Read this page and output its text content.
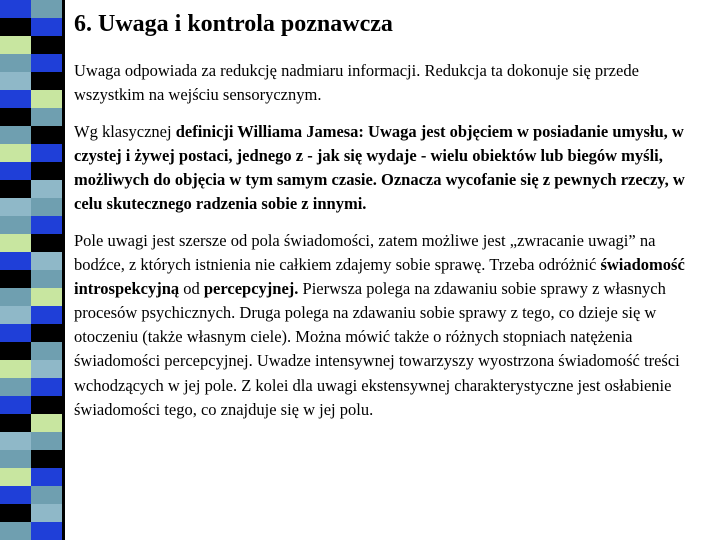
6. Uwaga i kontrola poznawcza

Uwaga odpowiada za redukcję nadmiaru informacji. Redukcja ta dokonuje się przede wszystkim na wejściu sensorycznym.

Wg klasycznej definicji Williama Jamesa: Uwaga jest objęciem w posiadanie umysłu, w czystej i żywej postaci, jednego z - jak się wydaje - wielu obiektów lub biegów myśli, możliwych do objęcia w tym samym czasie. Oznacza wycofanie się z pewnych rzeczy, w celu skutecznego radzenia sobie z innymi.

Pole uwagi jest szersze od pola świadomości, zatem możliwe jest „zwracanie uwagi” na bodźce, z których istnienia nie całkiem zdajemy sobie sprawę. Trzeba odróżnić świadomość introspekcyjną od percepcyjnej. Pierwsza polega na zdawaniu sobie sprawy z własnych procesów psychicznych. Druga polega na zdawaniu sobie sprawy z tego, co dzieje się w otoczeniu (także własnym ciele). Można mówić także o różnych stopniach natężenia świadomości percepcyjnej. Uwadze intensywnej towarzyszy wyostrzona świadomość treści wchodzących w jej pole. Z kolei dla uwagi ekstensywnej charakterystyczne jest osłabienie świadomości tego, co znajduje się w jej polu.
